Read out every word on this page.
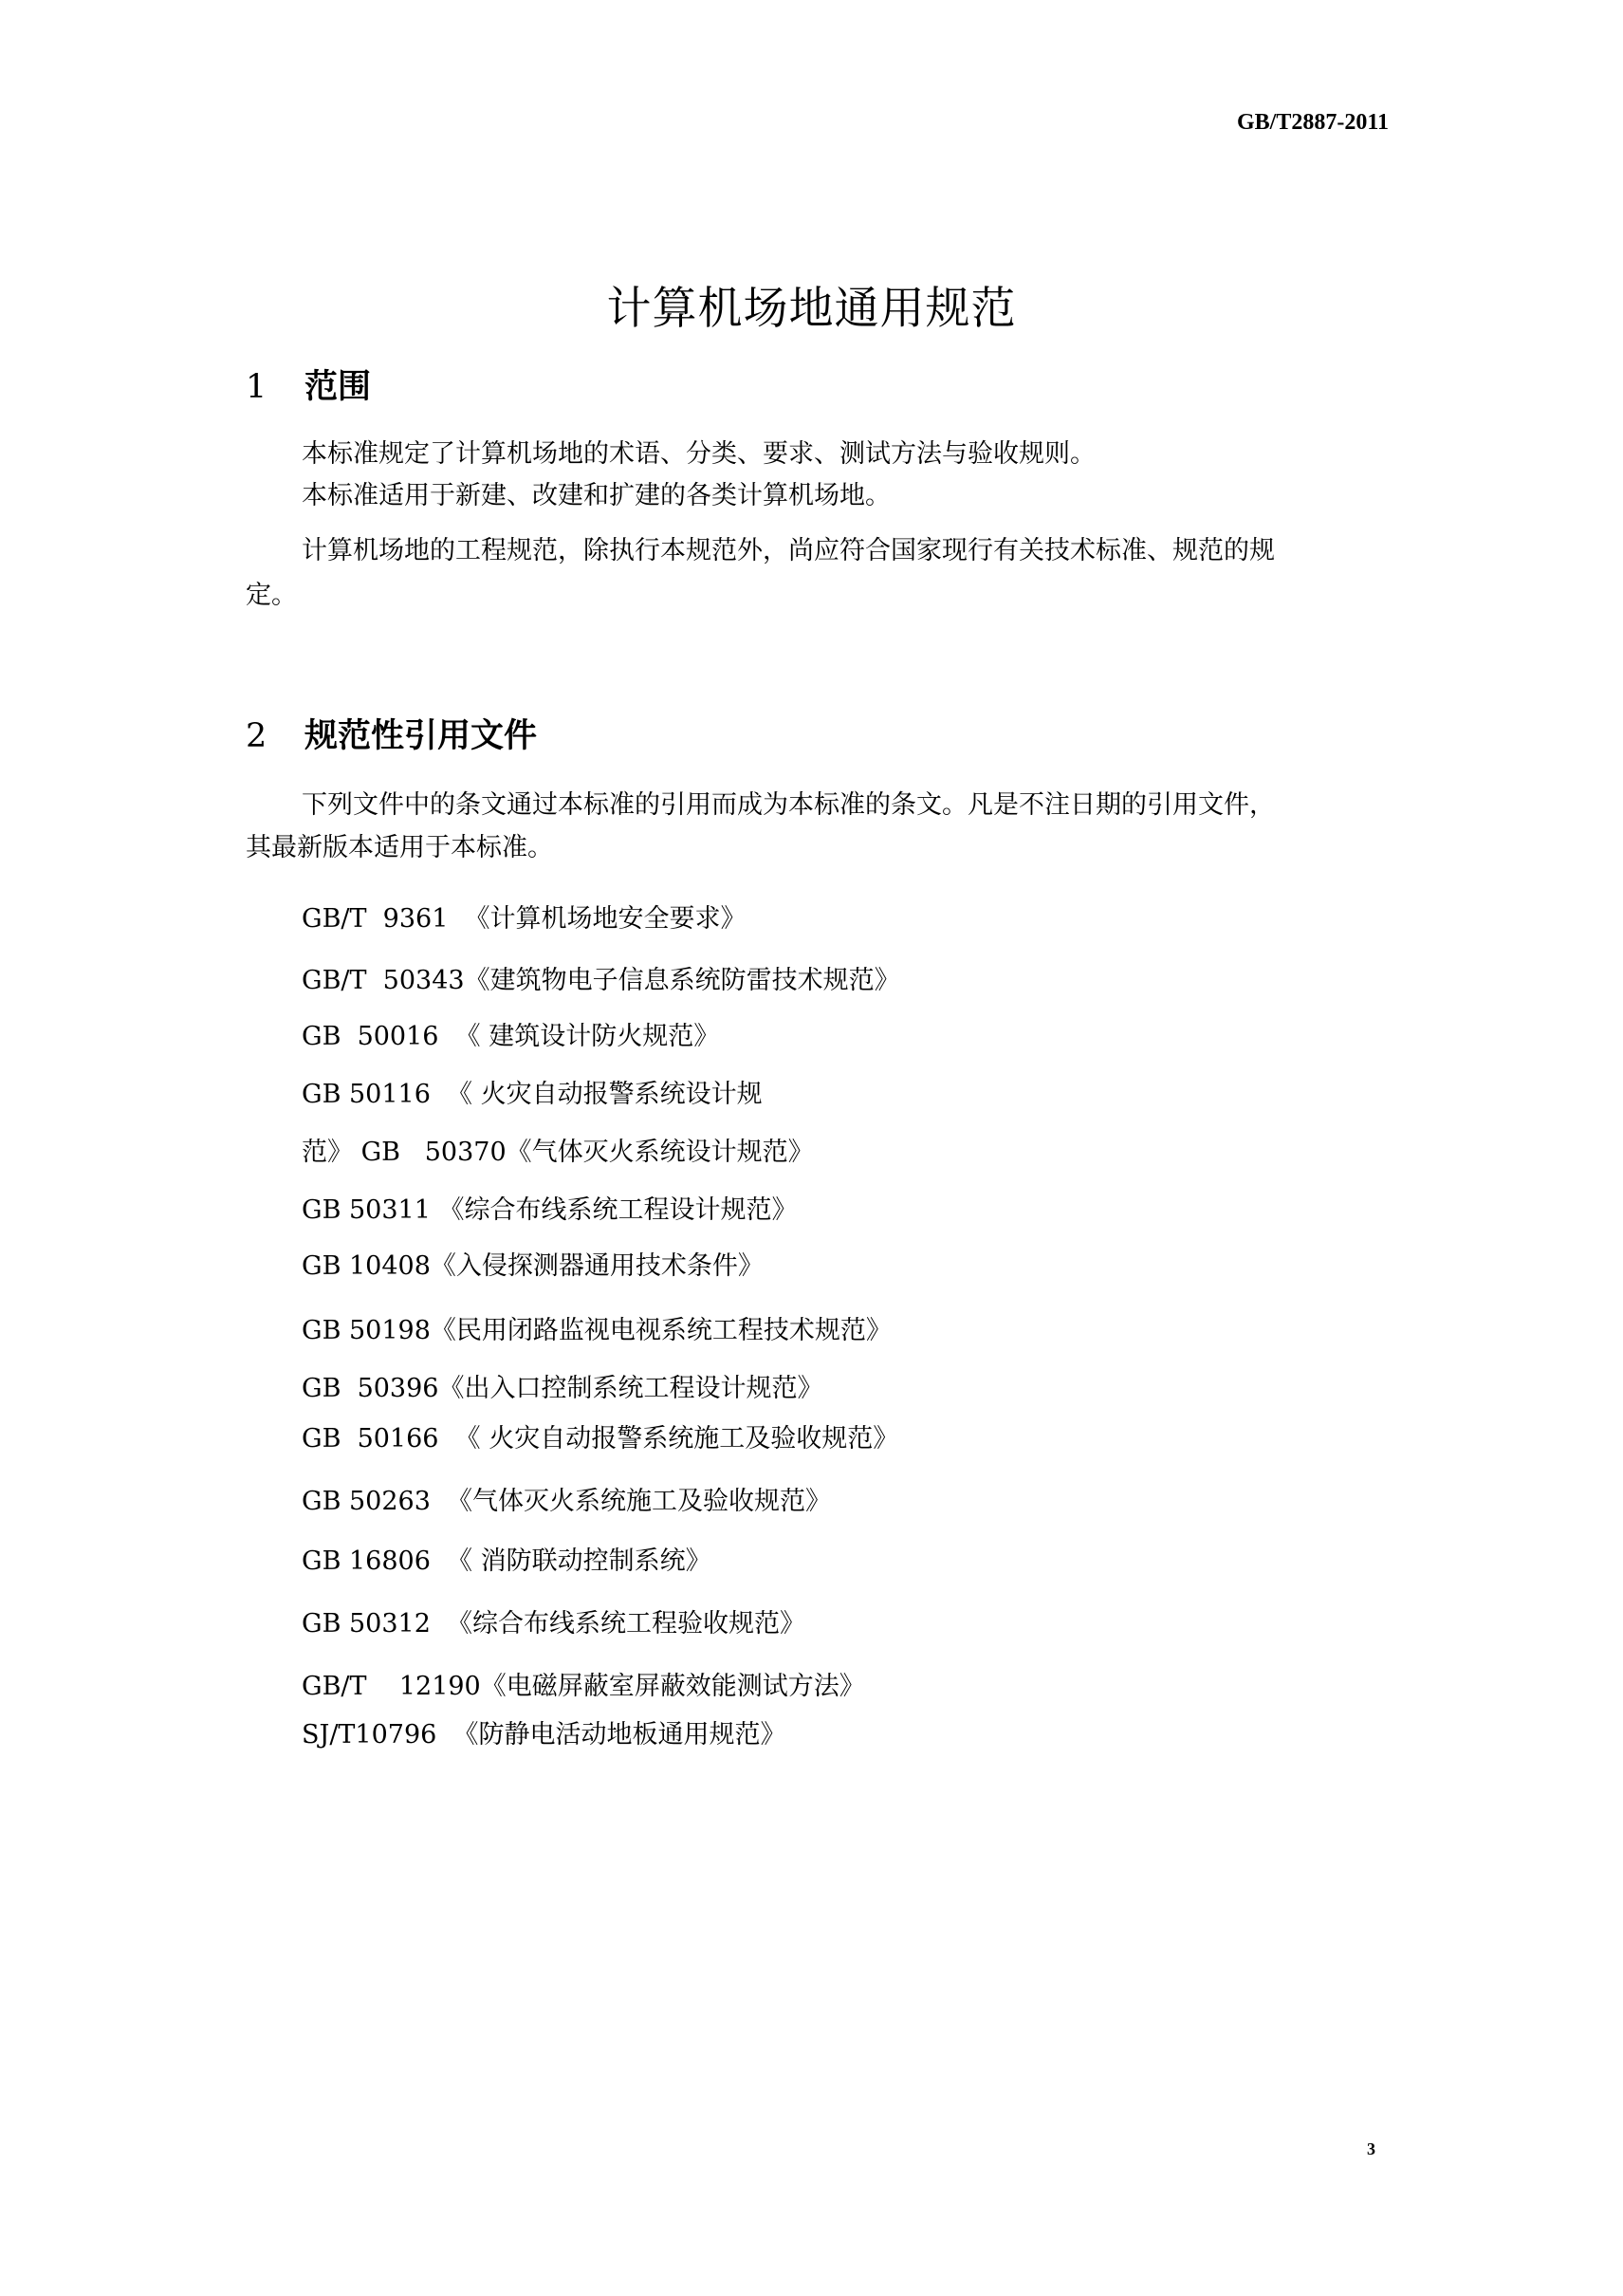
GB/T2887-2011
计算机场地通用规范
1 范围
本标准规定了计算机场地的术语、分类、要求、测试方法与验收规则。
本标准适用于新建、改建和扩建的各类计算机场地。
计算机场地的工程规范，除执行本规范外，尚应符合国家现行有关技术标准、规范的规
定。
2 规范性引用文件
下列文件中的条文通过本标准的引用而成为本标准的条文。凡是不注日期的引用文件，
其最新版本适用于本标准。
GB/T  9361  《计算机场地安全要求》
GB/T  50343《建筑物电子信息系统防雷技术规范》
GB  50016  《 建筑设计防火规范》
GB 50116  《 火灾自动报警系统设计规
范》 GB   50370《气体灭火系统设计规范》
GB 50311 《综合布线系统工程设计规范》
GB 10408《入侵探测器通用技术条件》
GB 50198《民用闭路监视电视系统工程技术规范》
GB  50396《出入口控制系统工程设计规范》
GB  50166  《 火灾自动报警系统施工及验收规范》
GB 50263  《气体灭火系统施工及验收规范》
GB 16806  《 消防联动控制系统》
GB 50312  《综合布线系统工程验收规范》
GB/T    12190《电磁屏蔽室屏蔽效能测试方法》
SJ/T10796  《防静电活动地板通用规范》
3
